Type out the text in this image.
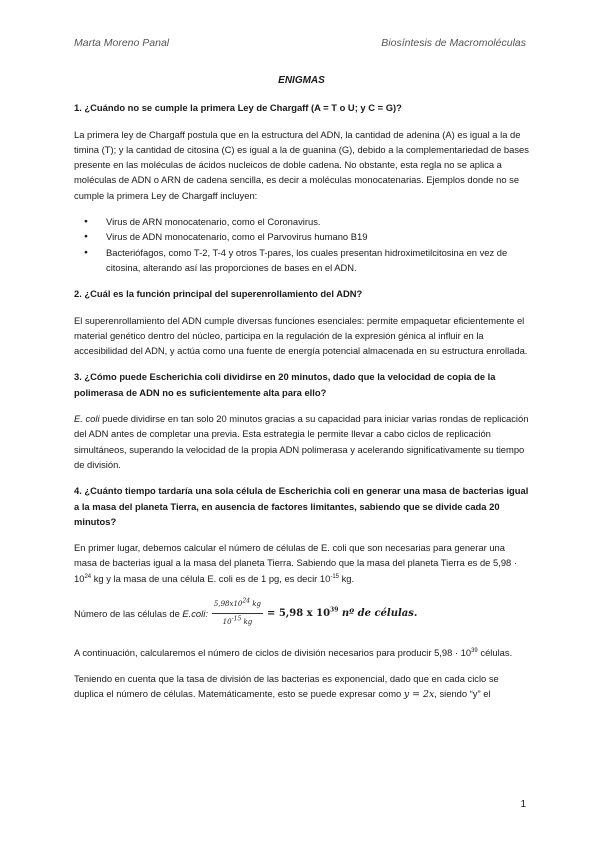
Marta Moreno Panal	Biosíntesis de Macromoléculas
ENIGMAS
1. ¿Cuándo no se cumple la primera Ley de Chargaff (A = T o U; y C = G)?

La primera ley de Chargaff postula que en la estructura del ADN, la cantidad de adenina (A) es igual a la de timina (T); y la cantidad de citosina (C) es igual a la de guanina (G), debido a la complementariedad de bases presente en las moléculas de ácidos nucleicos de doble cadena. No obstante, esta regla no se aplica a moléculas de ADN o ARN de cadena sencilla, es decir a moléculas monocatenarias. Ejemplos donde no se cumple la primera Ley de Chargaff incluyen:

● Virus de ARN monocatenario, como el Coronavirus.
● Virus de ADN monocatenario, como el Parvovirus humano B19
● Bacteriófagos, como T-2, T-4 y otros T-pares, los cuales presentan hidroximetilcitosina en vez de citosina, alterando así las proporciones de bases en el ADN.
2. ¿Cuál es la función principal del superenrollamiento del ADN?

El superenrollamiento del ADN cumple diversas funciones esenciales: permite empaquetar eficientemente el material genético dentro del núcleo, participa en la regulación de la expresión génica al influir en la accesibilidad del ADN, y actúa como una fuente de energía potencial almacenada en su estructura enrollada.

3. ¿Cómo puede Escherichia coli dividirse en 20 minutos, dado que la velocidad de copia de la polimerasa de ADN no es suficientemente alta para ello?

E. coli puede dividirse en tan solo 20 minutos gracias a su capacidad para iniciar varias rondas de replicación del ADN antes de completar una previa. Esta estrategia le permite llevar a cabo ciclos de replicación simultáneos, superando la velocidad de la propia ADN polimerasa y acelerando significativamente su tiempo de división.

4. ¿Cuánto tiempo tardaría una sola célula de Escherichia coli en generar una masa de bacterias igual a la masa del planeta Tierra, en ausencia de factores limitantes, sabiendo que se divide cada 20 minutos?

En primer lugar, debemos calcular el número de células de E. coli que son necesarias para generar una masa de bacterias igual a la masa del planeta Tierra. Sabiendo que la masa del planeta Tierra es de $5,98 \cdot 10^{24}$ kg y la masa de una célula E. coli es de 1 pg, es decir $10^{-15}$ kg.

Número de las células de E.coli: $\frac{5,98x10^{24} kg}{10^{-15} kg} = 5,98$ x $10^{39}$ nº de células.

A continuación, calcularemos el número de ciclos de división necesarios para producir $5,98 \cdot 10^{39}$ células.

Teniendo en cuenta que la tasa de división de las bacterias es exponencial, dado que en cada ciclo se duplica el número de células. Matemáticamente, esto se puede expresar como y = 2x, siendo “y” el

1
